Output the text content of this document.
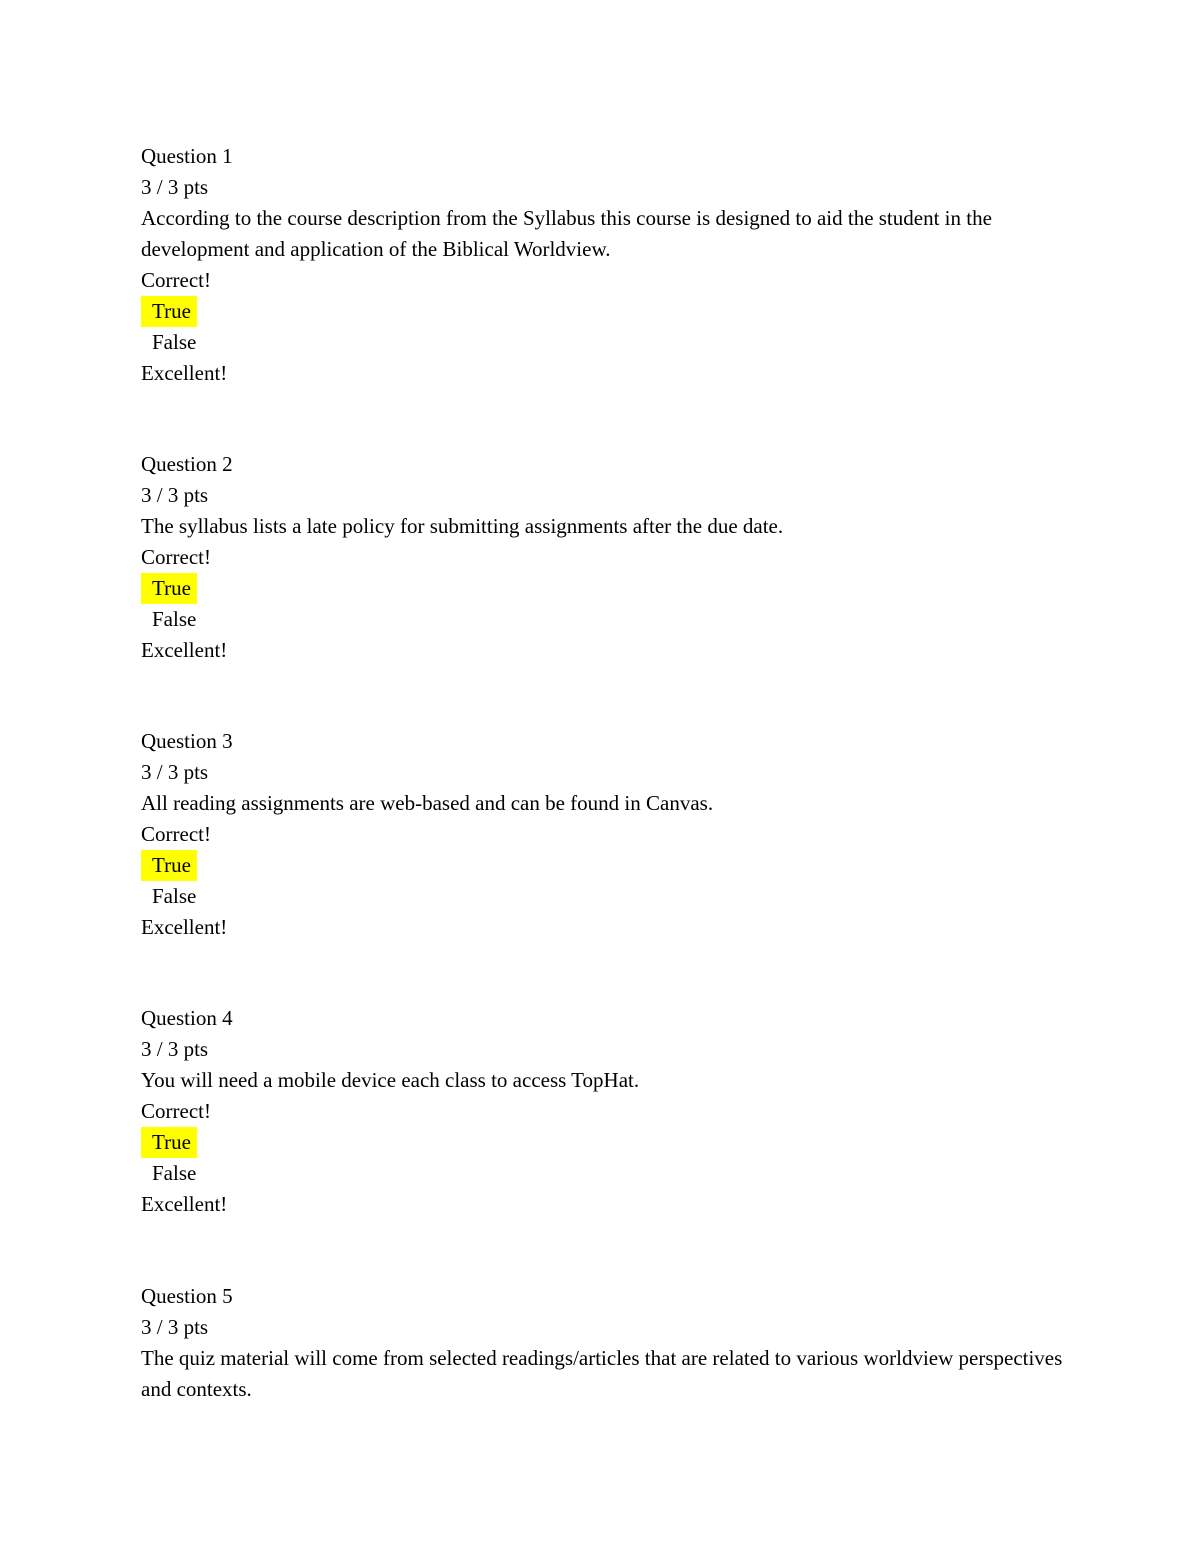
Question 1

3 / 3 pts

According to the course description from the Syllabus this course is designed to aid the student in the development and application of the Biblical Worldview.

Correct!

True

False

Excellent!

Question 2

3 / 3 pts

The syllabus lists a late policy for submitting assignments after the due date.

Correct!

True

False

Excellent!

Question 3

3 / 3 pts

All reading assignments are web-based and can be found in Canvas.

Correct!

True

False

Excellent!

Question 4

3 / 3 pts

You will need a mobile device each class to access TopHat.

Correct!

True

False

Excellent!

Question 5

3 / 3 pts

The quiz material will come from selected readings/articles that are related to various worldview perspectives and contexts.
